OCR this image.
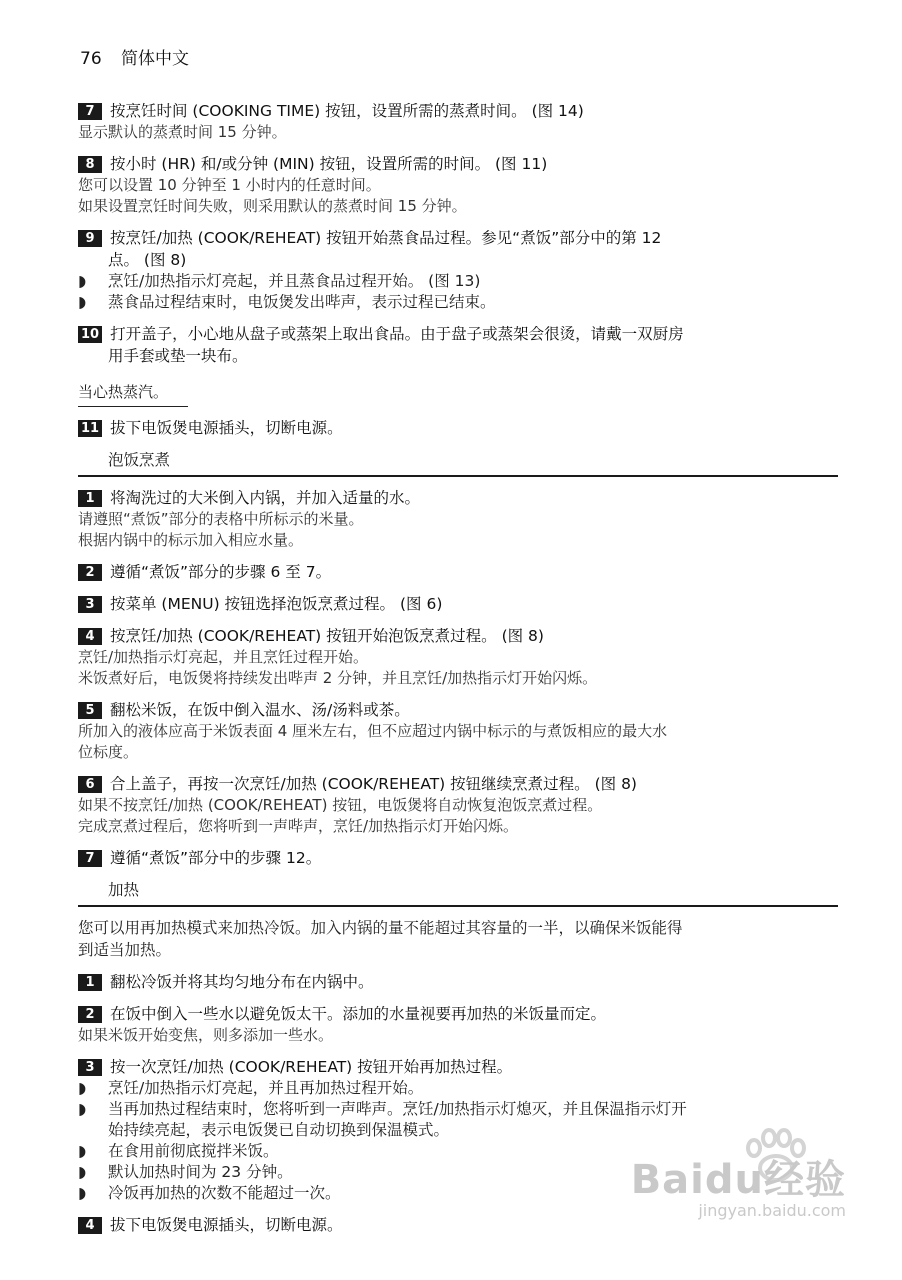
76 简体中文
7 按烹饪时间 (COOKING TIME) 按钮，设置所需的蒸煮时间。 (图 14)
显示默认的蒸煮时间 15 分钟。
8 按小时 (HR) 和/或分钟 (MIN) 按钮，设置所需的时间。 (图 11)
您可以设置 10 分钟至 1 小时内的任意时间。
如果设置烹饪时间失败，则采用默认的蒸煮时间 15 分钟。
9 按烹饪/加热 (COOK/REHEAT) 按钮开始蒸食品过程。参见“煮饭”部分中的第 12
点。 (图 8)
◗ 烹饪/加热指示灯亮起，并且蒸食品过程开始。 (图 13)
◗ 蒸食品过程结束时，电饭煲发出哔声，表示过程已结束。
10 打开盖子，小心地从盘子或蒸架上取出食品。由于盘子或蒸架会很烫，请戴一双厨房
用手套或垫一块布。
当心热蒸汽。
11 拔下电饭煲电源插头，切断电源。
泡饭烹煮
1 将淘洗过的大米倒入内锅，并加入适量的水。
请遵照“煮饭”部分的表格中所标示的米量。
根据内锅中的标示加入相应水量。
2 遵循“煮饭”部分的步骤 6 至 7。
3 按菜单 (MENU) 按钮选择泡饭烹煮过程。 (图 6)
4 按烹饪/加热 (COOK/REHEAT) 按钮开始泡饭烹煮过程。 (图 8)
烹饪/加热指示灯亮起，并且烹饪过程开始。
米饭煮好后，电饭煲将持续发出哔声 2 分钟，并且烹饪/加热指示灯开始闪烁。
5 翻松米饭，在饭中倒入温水、汤/汤料或茶。
所加入的液体应高于米饭表面 4 厘米左右，但不应超过内锅中标示的与煮饭相应的最大水
位标度。
6 合上盖子，再按一次烹饪/加热 (COOK/REHEAT) 按钮继续烹煮过程。 (图 8)
如果不按烹饪/加热 (COOK/REHEAT) 按钮，电饭煲将自动恢复泡饭烹煮过程。
完成烹煮过程后，您将听到一声哔声，烹饪/加热指示灯开始闪烁。
7 遵循“煮饭”部分中的步骤 12。
加热
您可以用再加热模式来加热冷饭。加入内锅的量不能超过其容量的一半，以确保米饭能得
到适当加热。
1 翻松冷饭并将其均匀地分布在内锅中。
2 在饭中倒入一些水以避免饭太干。添加的水量视要再加热的米饭量而定。
如果米饭开始变焦，则多添加一些水。
3 按一次烹饪/加热 (COOK/REHEAT) 按钮开始再加热过程。
◗ 烹饪/加热指示灯亮起，并且再加热过程开始。
◗ 当再加热过程结束时，您将听到一声哔声。烹饪/加热指示灯熄灭，并且保温指示灯开
始持续亮起，表示电饭煲已自动切换到保温模式。
◗ 在食用前彻底搅拌米饭。
◗ 默认加热时间为 23 分钟。
◗ 冷饭再加热的次数不能超过一次。
4 拔下电饭煲电源插头，切断电源。
Baidu经验
jingyan.baidu.com
